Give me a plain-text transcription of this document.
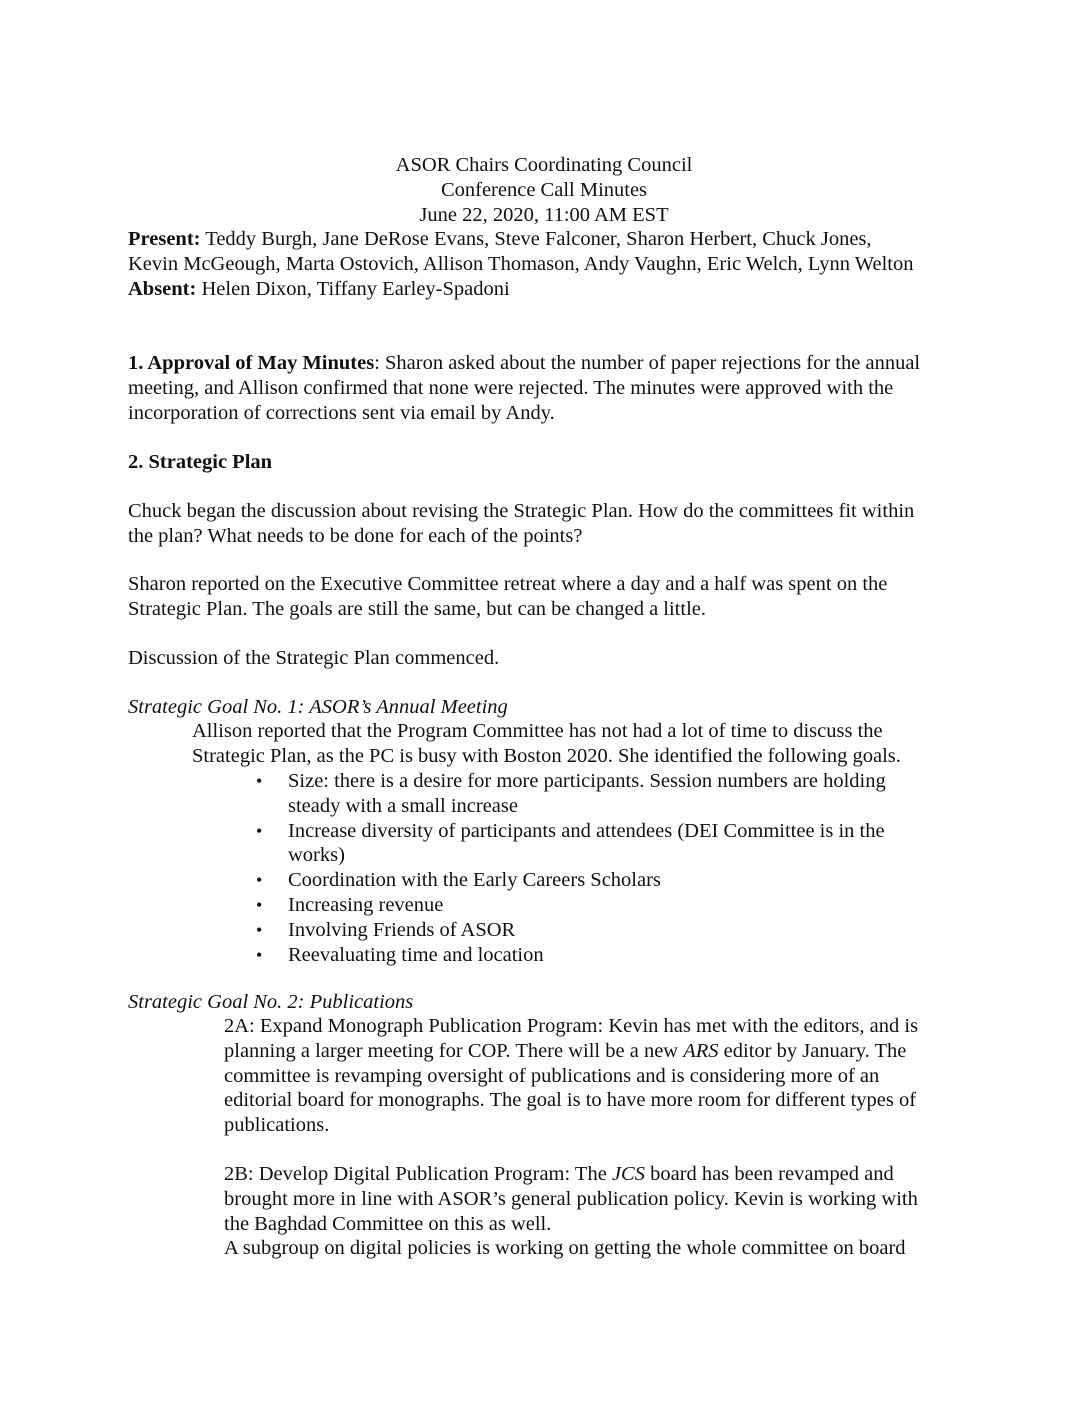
ASOR Chairs Coordinating Council
Conference Call Minutes
June 22, 2020, 11:00 AM EST
Present: Teddy Burgh, Jane DeRose Evans, Steve Falconer, Sharon Herbert, Chuck Jones,
Kevin McGeough, Marta Ostovich, Allison Thomason, Andy Vaughn, Eric Welch, Lynn Welton
Absent: Helen Dixon, Tiffany Earley-Spadoni
1. Approval of May Minutes: Sharon asked about the number of paper rejections for the annual
meeting, and Allison confirmed that none were rejected. The minutes were approved with the
incorporation of corrections sent via email by Andy.
2. Strategic Plan
Chuck began the discussion about revising the Strategic Plan. How do the committees fit within
the plan? What needs to be done for each of the points?
Sharon reported on the Executive Committee retreat where a day and a half was spent on the
Strategic Plan. The goals are still the same, but can be changed a little.
Discussion of the Strategic Plan commenced.
Strategic Goal No. 1: ASOR’s Annual Meeting
Allison reported that the Program Committee has not had a lot of time to discuss the
Strategic Plan, as the PC is busy with Boston 2020. She identified the following goals.
•	Size: there is a desire for more participants. Session numbers are holding
steady with a small increase
•	Increase diversity of participants and attendees (DEI Committee is in the
works)
•	Coordination with the Early Careers Scholars
•	Increasing revenue
•	Involving Friends of ASOR
•	Reevaluating time and location
Strategic Goal No. 2: Publications
2A: Expand Monograph Publication Program: Kevin has met with the editors, and is
planning a larger meeting for COP. There will be a new ARS editor by January. The
committee is revamping oversight of publications and is considering more of an
editorial board for monographs. The goal is to have more room for different types of
publications.
2B: Develop Digital Publication Program: The JCS board has been revamped and
brought more in line with ASOR’s general publication policy. Kevin is working with
the Baghdad Committee on this as well.
A subgroup on digital policies is working on getting the whole committee on board
